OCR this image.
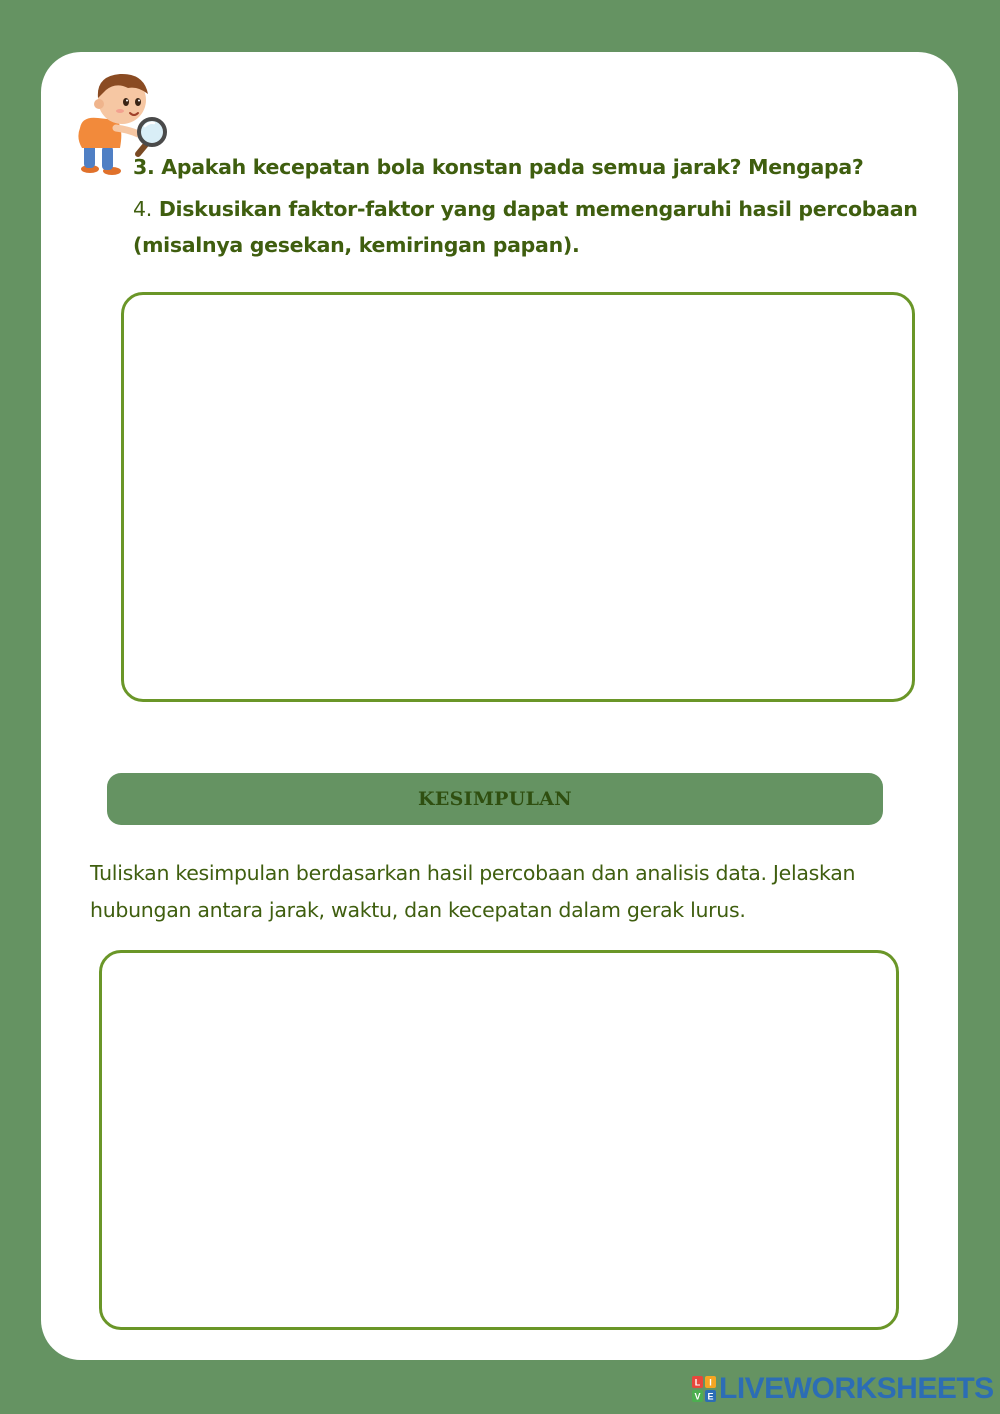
3. Apakah kecepatan bola konstan pada semua jarak? Mengapa?
4. Diskusikan faktor-faktor yang dapat memengaruhi hasil percobaan (misalnya gesekan, kemiringan papan).
KESIMPULAN
Tuliskan kesimpulan berdasarkan hasil percobaan dan analisis data. Jelaskan hubungan antara jarak, waktu, dan kecepatan dalam gerak lurus.
L I
V E LIVEWORKSHEETS
